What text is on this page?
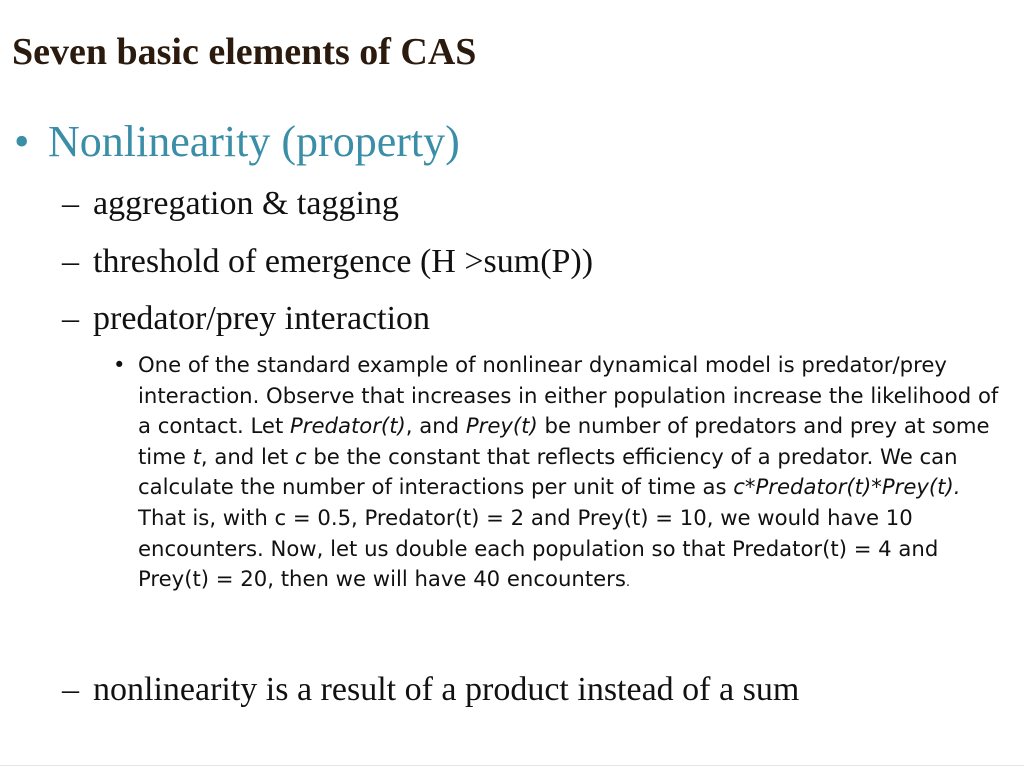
Seven basic elements of CAS
• Nonlinearity (property)
– aggregation & tagging
– threshold of emergence (H >sum(P))
– predator/prey interaction
• One of the standard example of nonlinear dynamical model is predator/prey interaction. Observe that increases in either population increase the likelihood of a contact. Let Predator(t), and Prey(t) be number of predators and prey at some time t, and let c be the constant that reflects efficiency of a predator. We can calculate the number of interactions per unit of time as c*Predator(t)*Prey(t). That is, with c = 0.5, Predator(t) = 2 and Prey(t) = 10, we would have 10 encounters. Now, let us double each population so that Predator(t) = 4 and Prey(t) = 20, then we will have 40 encounters.
– nonlinearity is a result of a product instead of a sum
